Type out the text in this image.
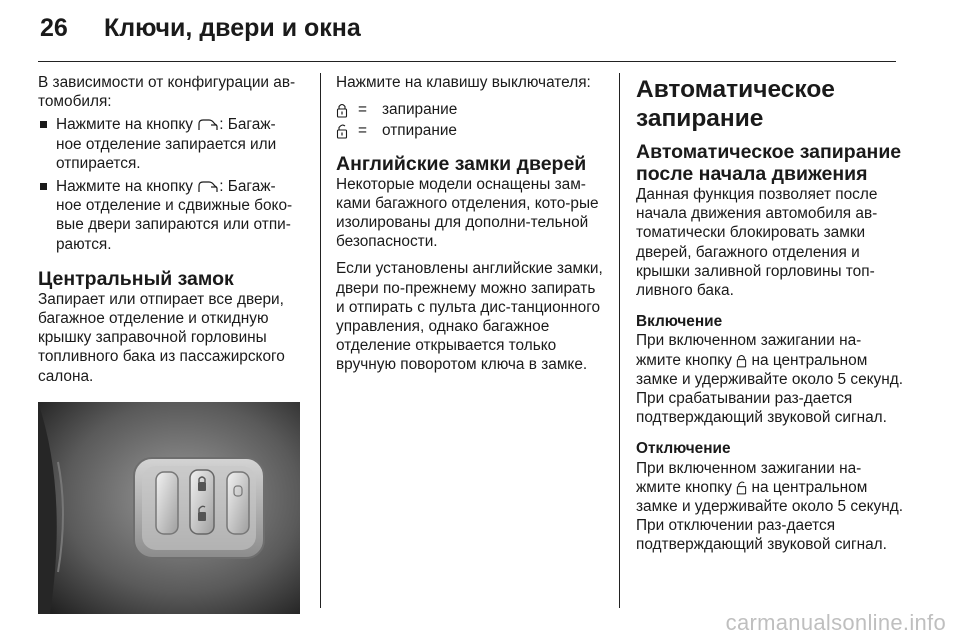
26	Ключи, двери и окна

В зависимости от конфигурации ав-томобиля:

Нажмите на кнопку : Багаж-ное отделение запирается или отпирается.
Нажмите на кнопку : Багаж-ное отделение и сдвижные боко-вые двери запираются или отпи-раются.
Центральный замок

Запирает или отпирает все двери, багажное отделение и откидную крышку заправочной горловины топливного бака из пассажирского салона.

Нажмите на клавишу выключателя:

= запирание
= отпирание
Английские замки дверей

Некоторые модели оснащены зам-ками багажного отделения, кото-рые изолированы для дополни-тельной безопасности.

Если установлены английские замки, двери по-прежнему можно запирать и отпирать с пульта дис-танционного управления, однако багажное отделение открывается только вручную поворотом ключа в замке.

Автоматическое запирание
Автоматическое запирание после начала движения

Данная функция позволяет после начала движения автомобиля ав-томатически блокировать замки дверей, багажного отделения и крышки заливной горловины топ-ливного бака.

Включение

При включенном зажигании на-жмите кнопку  на центральном замке и удерживайте около 5 секунд. При срабатывании раз-дается подтверждающий звуковой сигнал.

Отключение

При включенном зажигании на-жмите кнопку  на центральном замке и удерживайте около 5 секунд. При отключении раз-дается подтверждающий звуковой сигнал.

carmanualsonline.info
